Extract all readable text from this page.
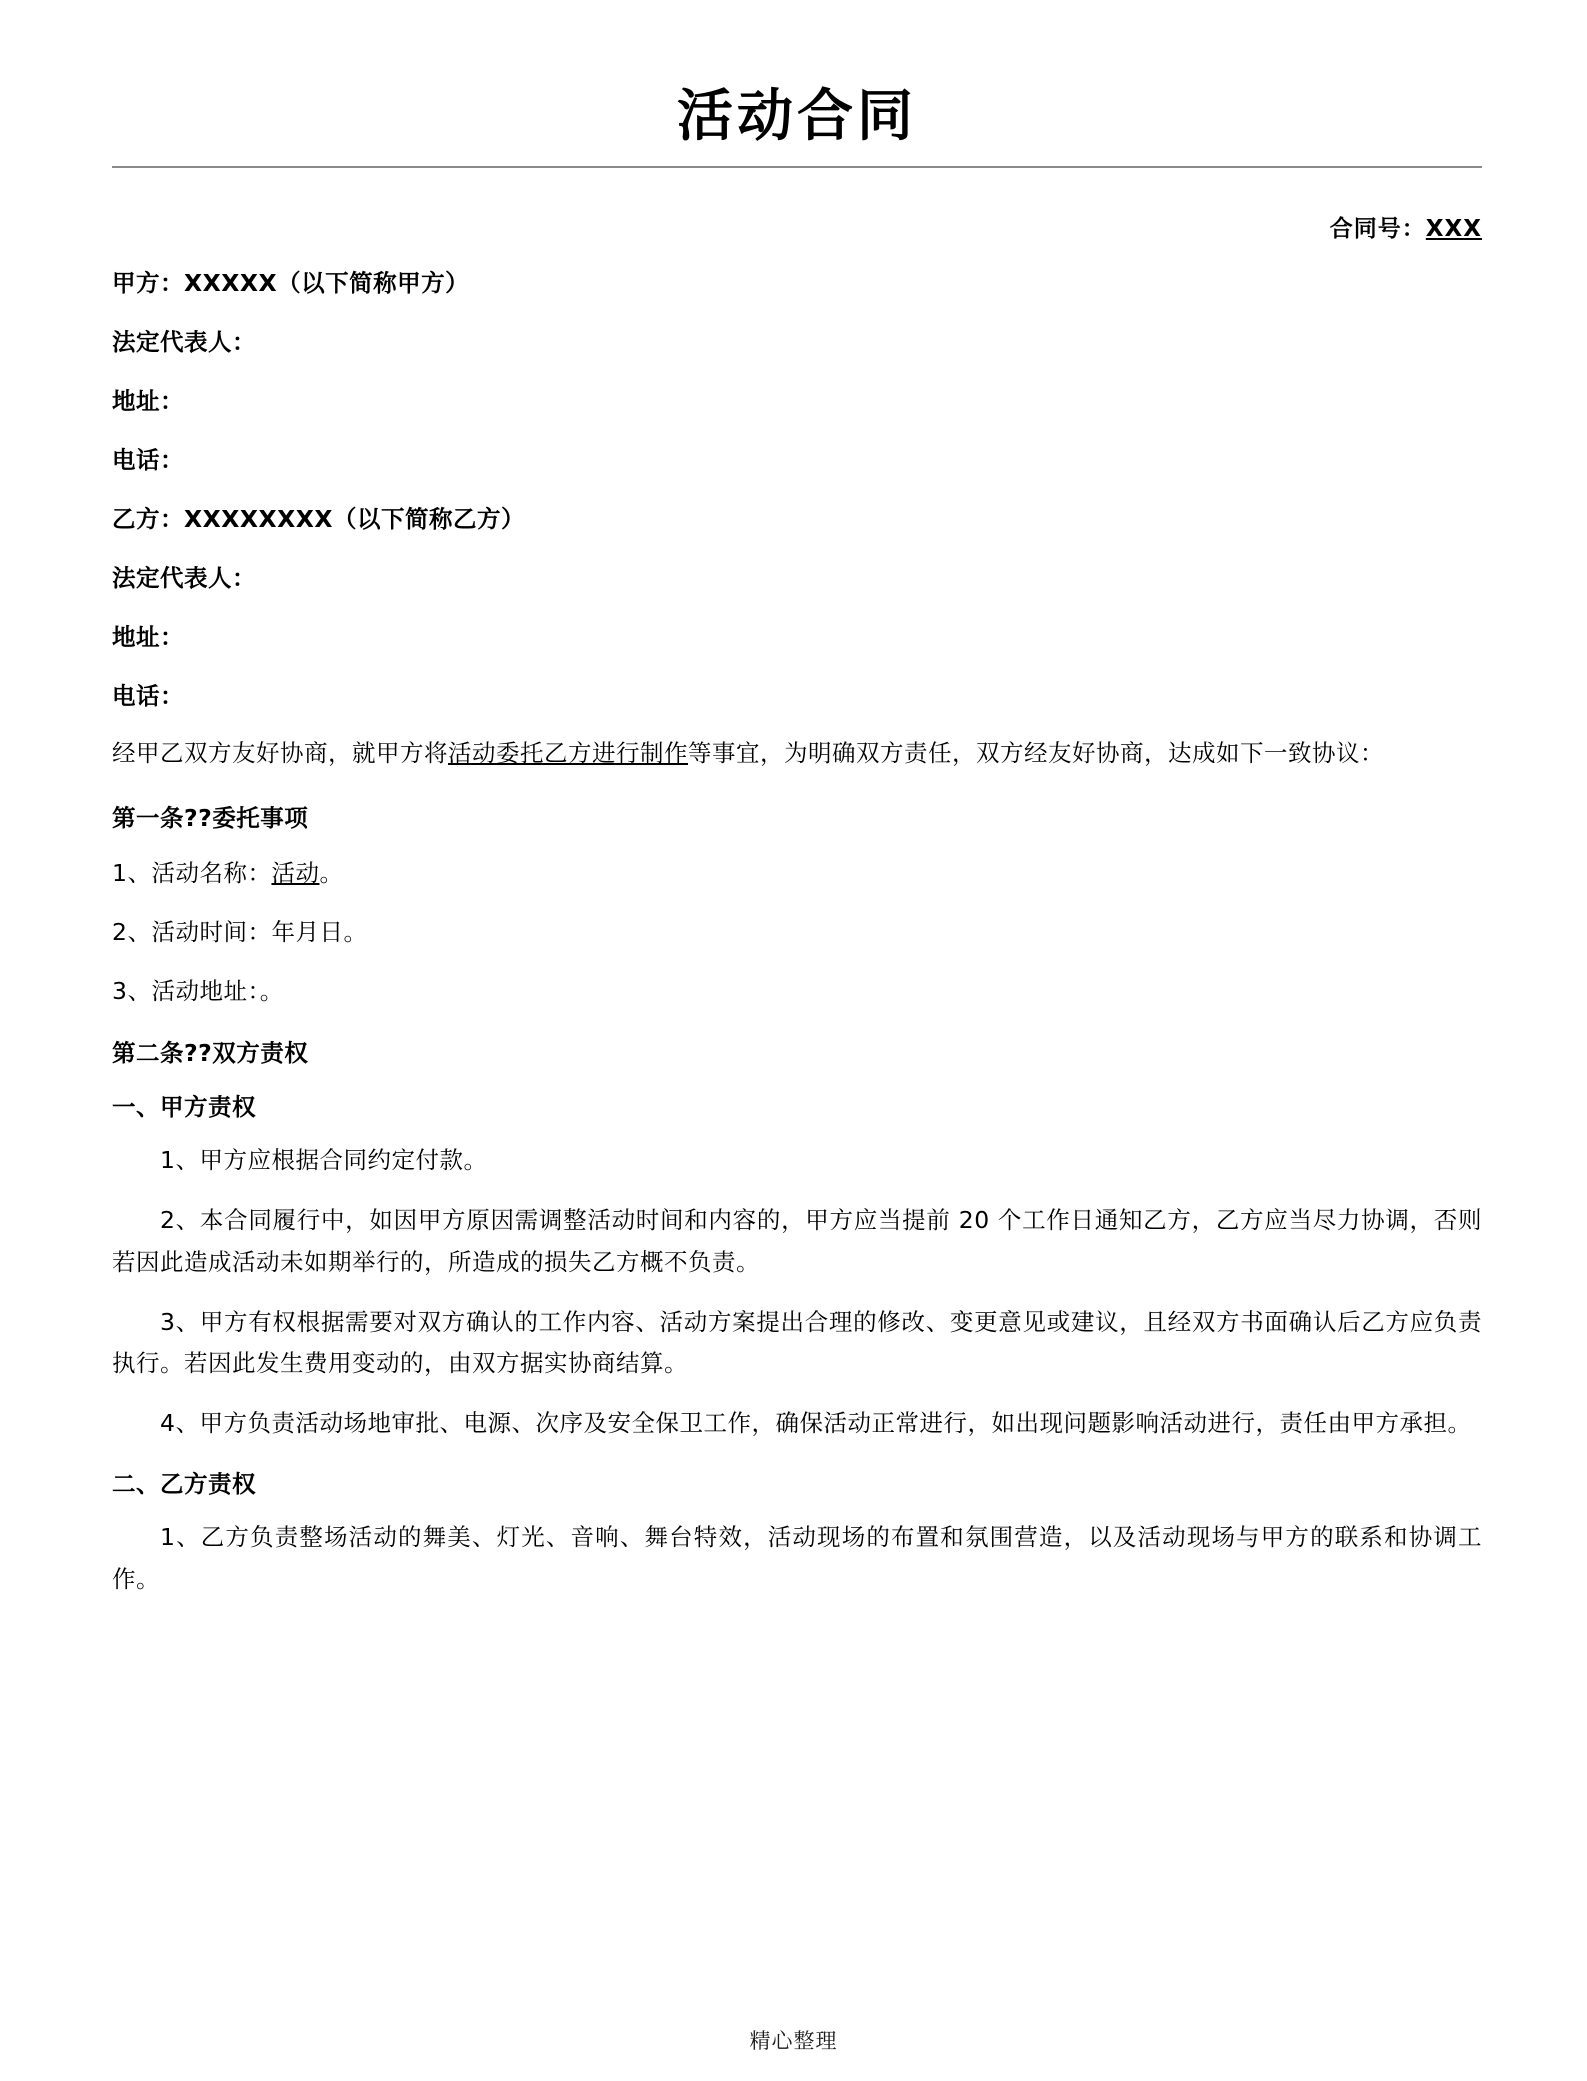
活动合同
合同号：XXX
甲方：XXXXX（以下简称甲方）
法定代表人：
地址：
电话：
乙方：XXXXXXXX（以下简称乙方）
法定代表人：
地址：
电话：
经甲乙双方友好协商，就甲方将活动委托乙方进行制作等事宜，为明确双方责任，双方经友好协商，达成如下一致协议：
第一条??委托事项
1、活动名称：活动。
2、活动时间：年月日。
3、活动地址：。
第二条??双方责权
一、甲方责权
1、甲方应根据合同约定付款。
2、本合同履行中，如因甲方原因需调整活动时间和内容的，甲方应当提前 20 个工作日通知乙方，乙方应当尽力协调，否则若因此造成活动未如期举行的，所造成的损失乙方概不负责。
3、甲方有权根据需要对双方确认的工作内容、活动方案提出合理的修改、变更意见或建议，且经双方书面确认后乙方应负责执行。若因此发生费用变动的，由双方据实协商结算。
4、甲方负责活动场地审批、电源、次序及安全保卫工作，确保活动正常进行，如出现问题影响活动进行，责任由甲方承担。
二、乙方责权
1、乙方负责整场活动的舞美、灯光、音响、舞台特效，活动现场的布置和氛围营造，以及活动现场与甲方的联系和协调工作。
精心整理
